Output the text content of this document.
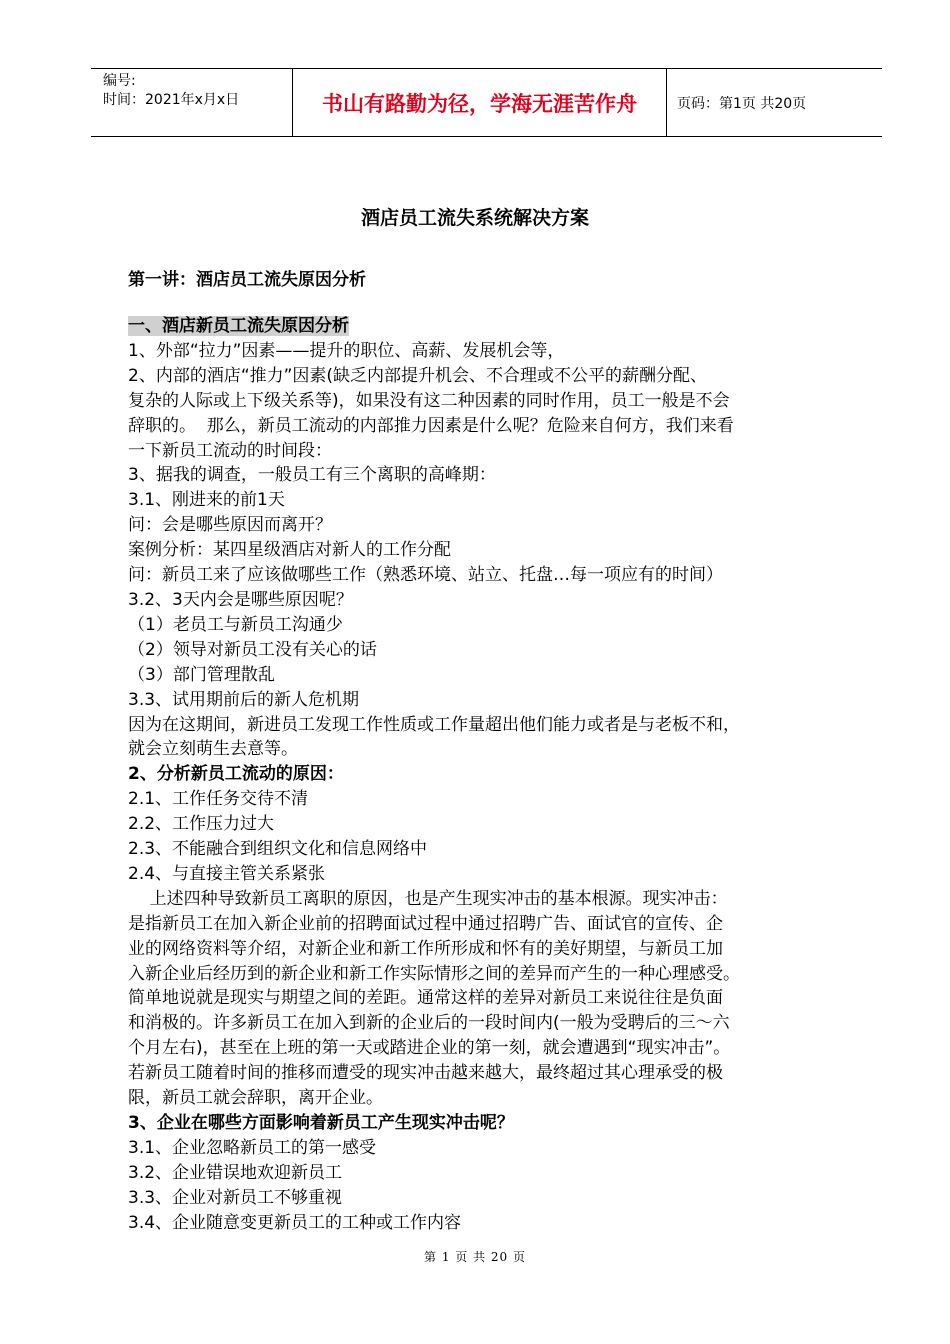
编号:
时间：2021年x月x日	书山有路勤为径，学海无涯苦作舟	页码：第1页 共20页
酒店员工流失系统解决方案
第一讲：酒店员工流失原因分析

一、酒店新员工流失原因分析

1、外部“拉力”因素——提升的职位、高薪、发展机会等，

2、内部的酒店“推力”因素(缺乏内部提升机会、不合理或不公平的薪酬分配、

复杂的人际或上下级关系等)，如果没有这二种因素的同时作用，员工一般是不会

辞职的。  那么，新员工流动的内部推力因素是什么呢？危险来自何方，我们来看

一下新员工流动的时间段：

3、据我的调查，一般员工有三个离职的高峰期：

3.1、刚进来的前1天

问：会是哪些原因而离开？

案例分析：某四星级酒店对新人的工作分配

问：新员工来了应该做哪些工作（熟悉环境、站立、托盘…每一项应有的时间）

3.2、3天内会是哪些原因呢？

（1）老员工与新员工沟通少

（2）领导对新员工没有关心的话

（3）部门管理散乱

3.3、试用期前后的新人危机期

因为在这期间，新进员工发现工作性质或工作量超出他们能力或者是与老板不和，

就会立刻萌生去意等。

2、分析新员工流动的原因：

2.1、工作任务交待不清

2.2、工作压力过大

2.3、不能融合到组织文化和信息网络中

2.4、与直接主管关系紧张

上述四种导致新员工离职的原因，也是产生现实冲击的基本根源。现实冲击：

是指新员工在加入新企业前的招聘面试过程中通过招聘广告、面试官的宣传、企

业的网络资料等介绍，对新企业和新工作所形成和怀有的美好期望，与新员工加

入新企业后经历到的新企业和新工作实际情形之间的差异而产生的一种心理感受。

简单地说就是现实与期望之间的差距。通常这样的差异对新员工来说往往是负面

和消极的。许多新员工在加入到新的企业后的一段时间内(一般为受聘后的三～六

个月左右)，甚至在上班的第一天或踏进企业的第一刻，就会遭遇到“现实冲击”。

若新员工随着时间的推移而遭受的现实冲击越来越大，最终超过其心理承受的极

限，新员工就会辞职，离开企业。

3、企业在哪些方面影响着新员工产生现实冲击呢？

3.1、企业忽略新员工的第一感受

3.2、企业错误地欢迎新员工

3.3、企业对新员工不够重视

3.4、企业随意变更新员工的工种或工作内容

第 1 页 共 20 页
